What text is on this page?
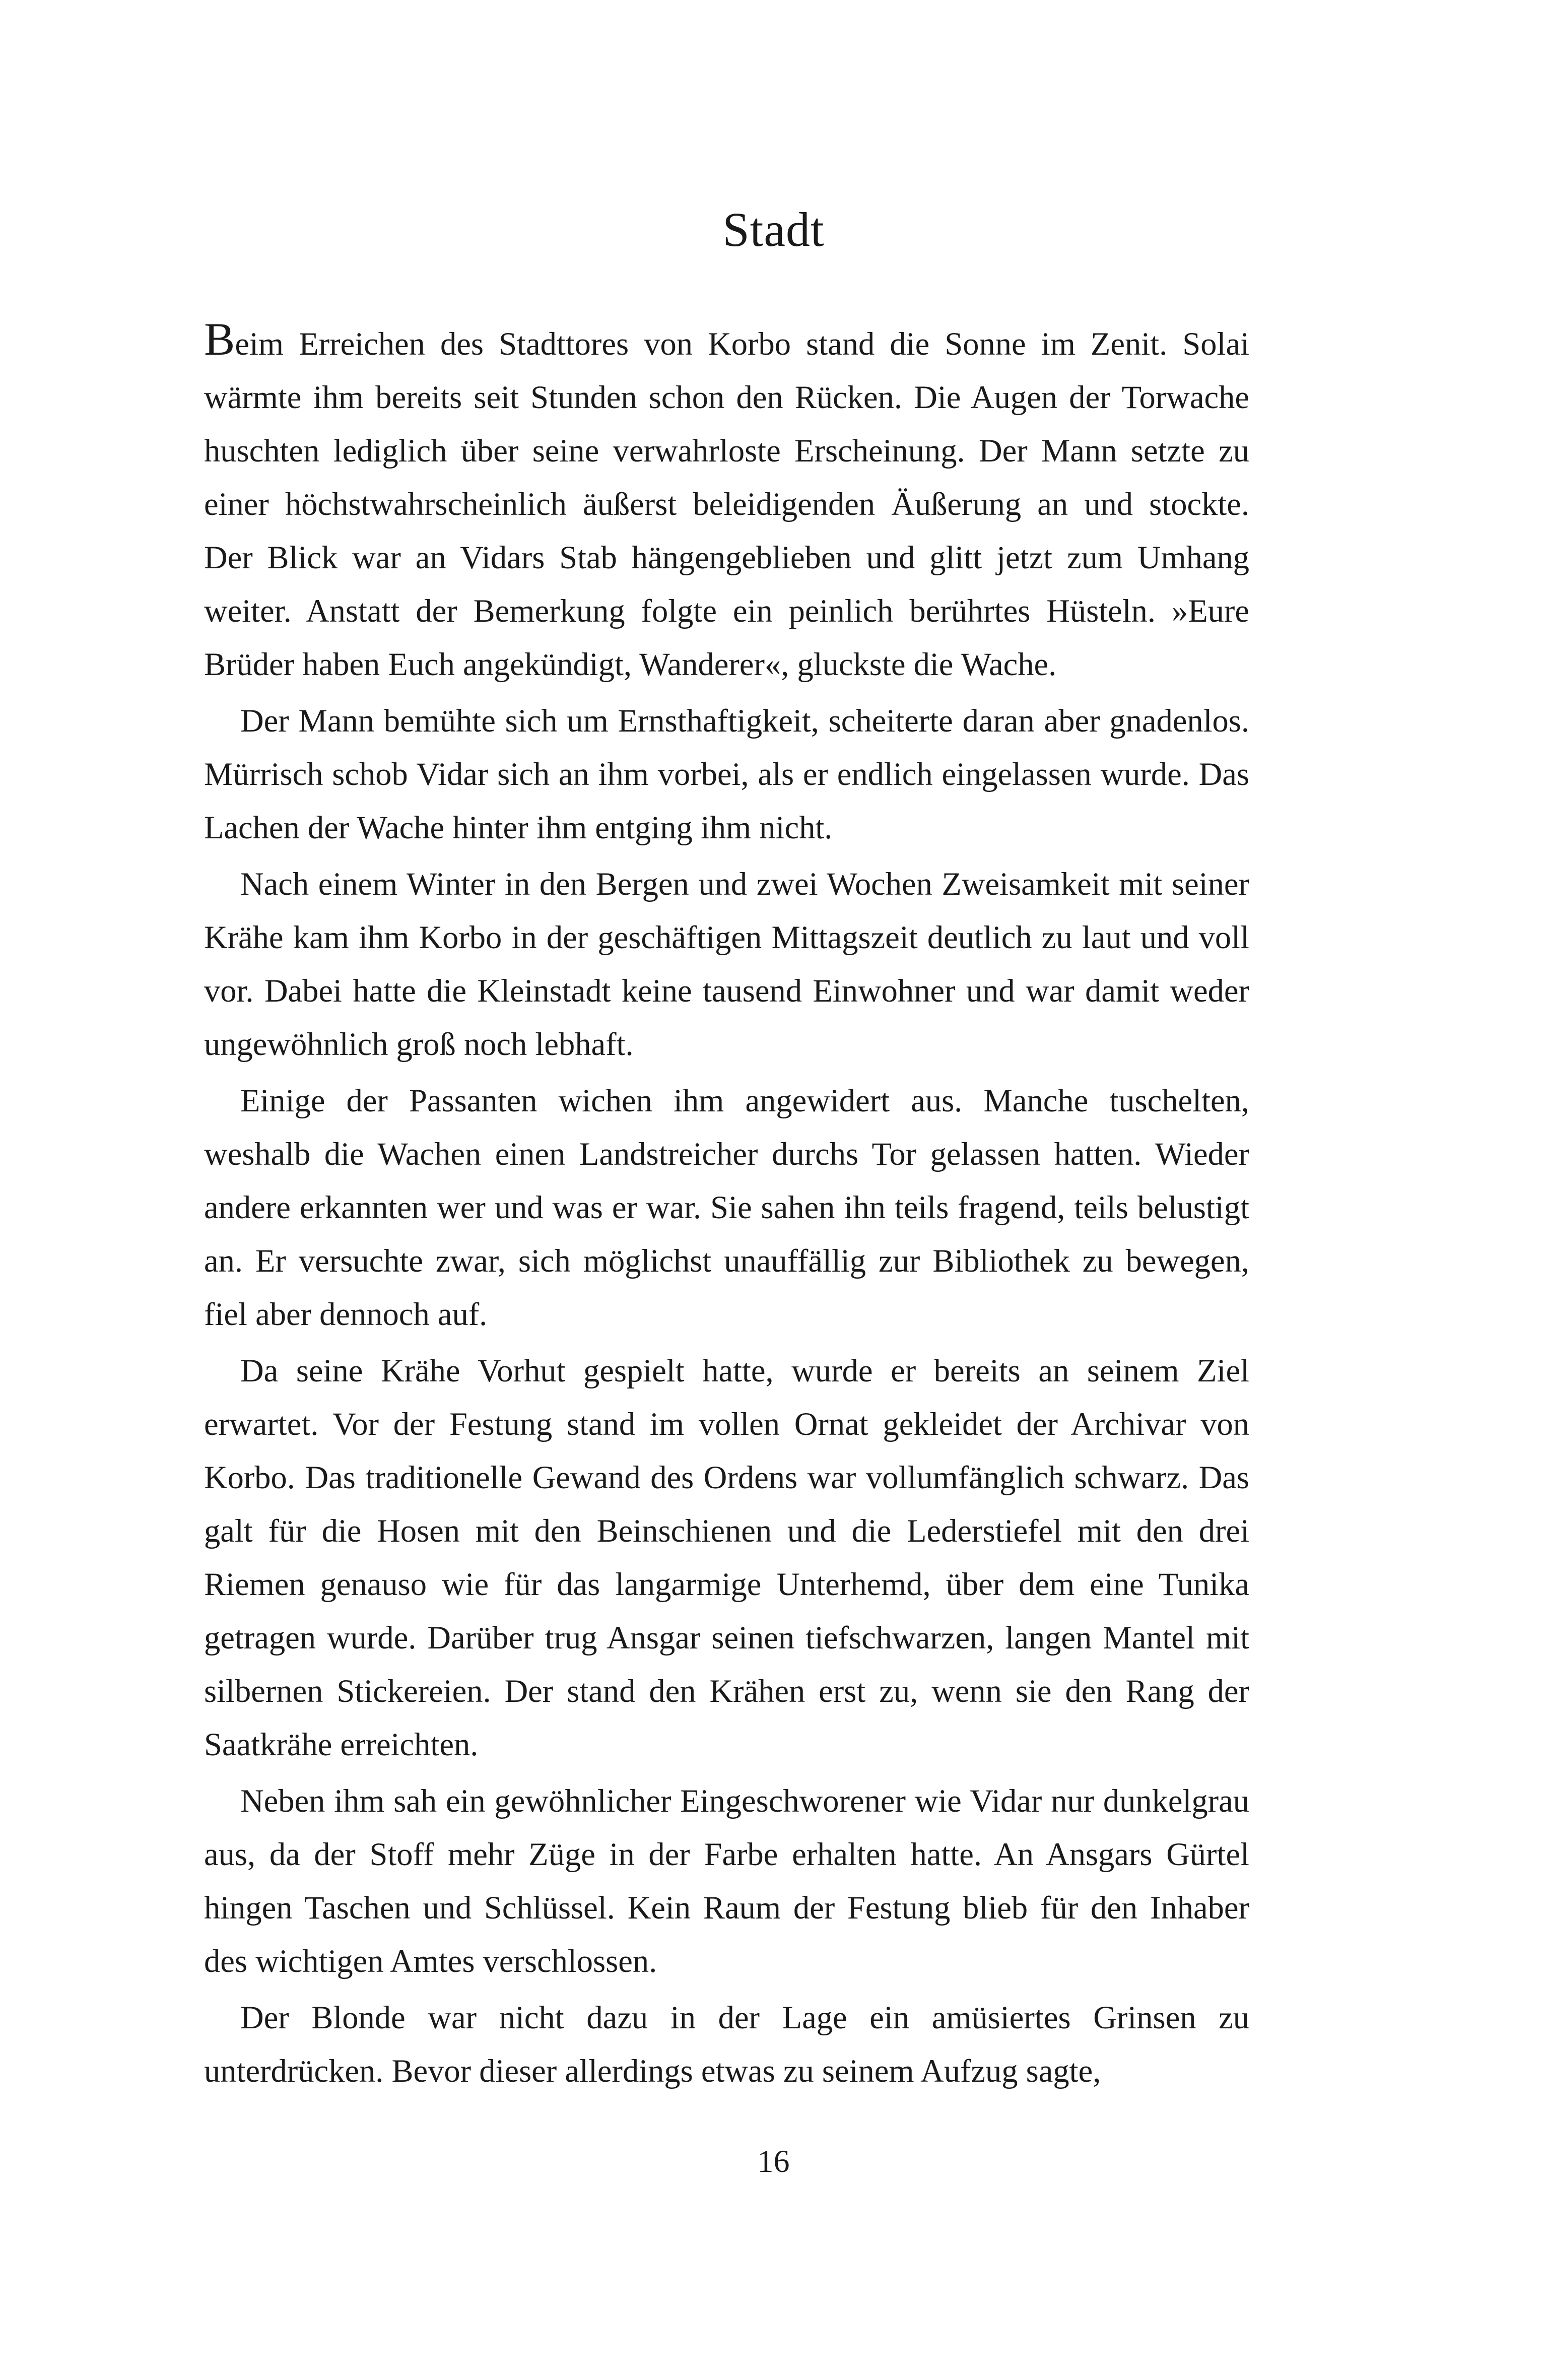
Stadt

Beim Erreichen des Stadttores von Korbo stand die Sonne im Zenit. Solai wärmte ihm bereits seit Stunden schon den Rücken. Die Augen der Torwache huschten lediglich über seine verwahrloste Erscheinung. Der Mann setzte zu einer höchstwahrscheinlich äußerst beleidigenden Äußerung an und stockte. Der Blick war an Vidars Stab hängengeblieben und glitt jetzt zum Umhang weiter. Anstatt der Bemerkung folgte ein peinlich berührtes Hüsteln. »Eure Brüder haben Euch angekündigt, Wanderer«, gluckste die Wache.

Der Mann bemühte sich um Ernsthaftigkeit, scheiterte daran aber gnadenlos. Mürrisch schob Vidar sich an ihm vorbei, als er endlich eingelassen wurde. Das Lachen der Wache hinter ihm entging ihm nicht.

Nach einem Winter in den Bergen und zwei Wochen Zweisamkeit mit seiner Krähe kam ihm Korbo in der geschäftigen Mittagszeit deutlich zu laut und voll vor. Dabei hatte die Kleinstadt keine tausend Einwohner und war damit weder ungewöhnlich groß noch lebhaft.

Einige der Passanten wichen ihm angewidert aus. Manche tuschelten, weshalb die Wachen einen Landstreicher durchs Tor gelassen hatten. Wieder andere erkannten wer und was er war. Sie sahen ihn teils fragend, teils belustigt an. Er versuchte zwar, sich möglichst unauffällig zur Bibliothek zu bewegen, fiel aber dennoch auf.

Da seine Krähe Vorhut gespielt hatte, wurde er bereits an seinem Ziel erwartet. Vor der Festung stand im vollen Ornat gekleidet der Archivar von Korbo. Das traditionelle Gewand des Ordens war vollumfänglich schwarz. Das galt für die Hosen mit den Beinschienen und die Lederstiefel mit den drei Riemen genauso wie für das langarmige Unterhemd, über dem eine Tunika getragen wurde. Darüber trug Ansgar seinen tiefschwarzen, langen Mantel mit silbernen Stickereien. Der stand den Krähen erst zu, wenn sie den Rang der Saatkrähe erreichten.

Neben ihm sah ein gewöhnlicher Eingeschworener wie Vidar nur dunkelgrau aus, da der Stoff mehr Züge in der Farbe erhalten hatte. An Ansgars Gürtel hingen Taschen und Schlüssel. Kein Raum der Festung blieb für den Inhaber des wichtigen Amtes verschlossen.

Der Blonde war nicht dazu in der Lage ein amüsiertes Grinsen zu unterdrücken. Bevor dieser allerdings etwas zu seinem Aufzug sagte,

16
